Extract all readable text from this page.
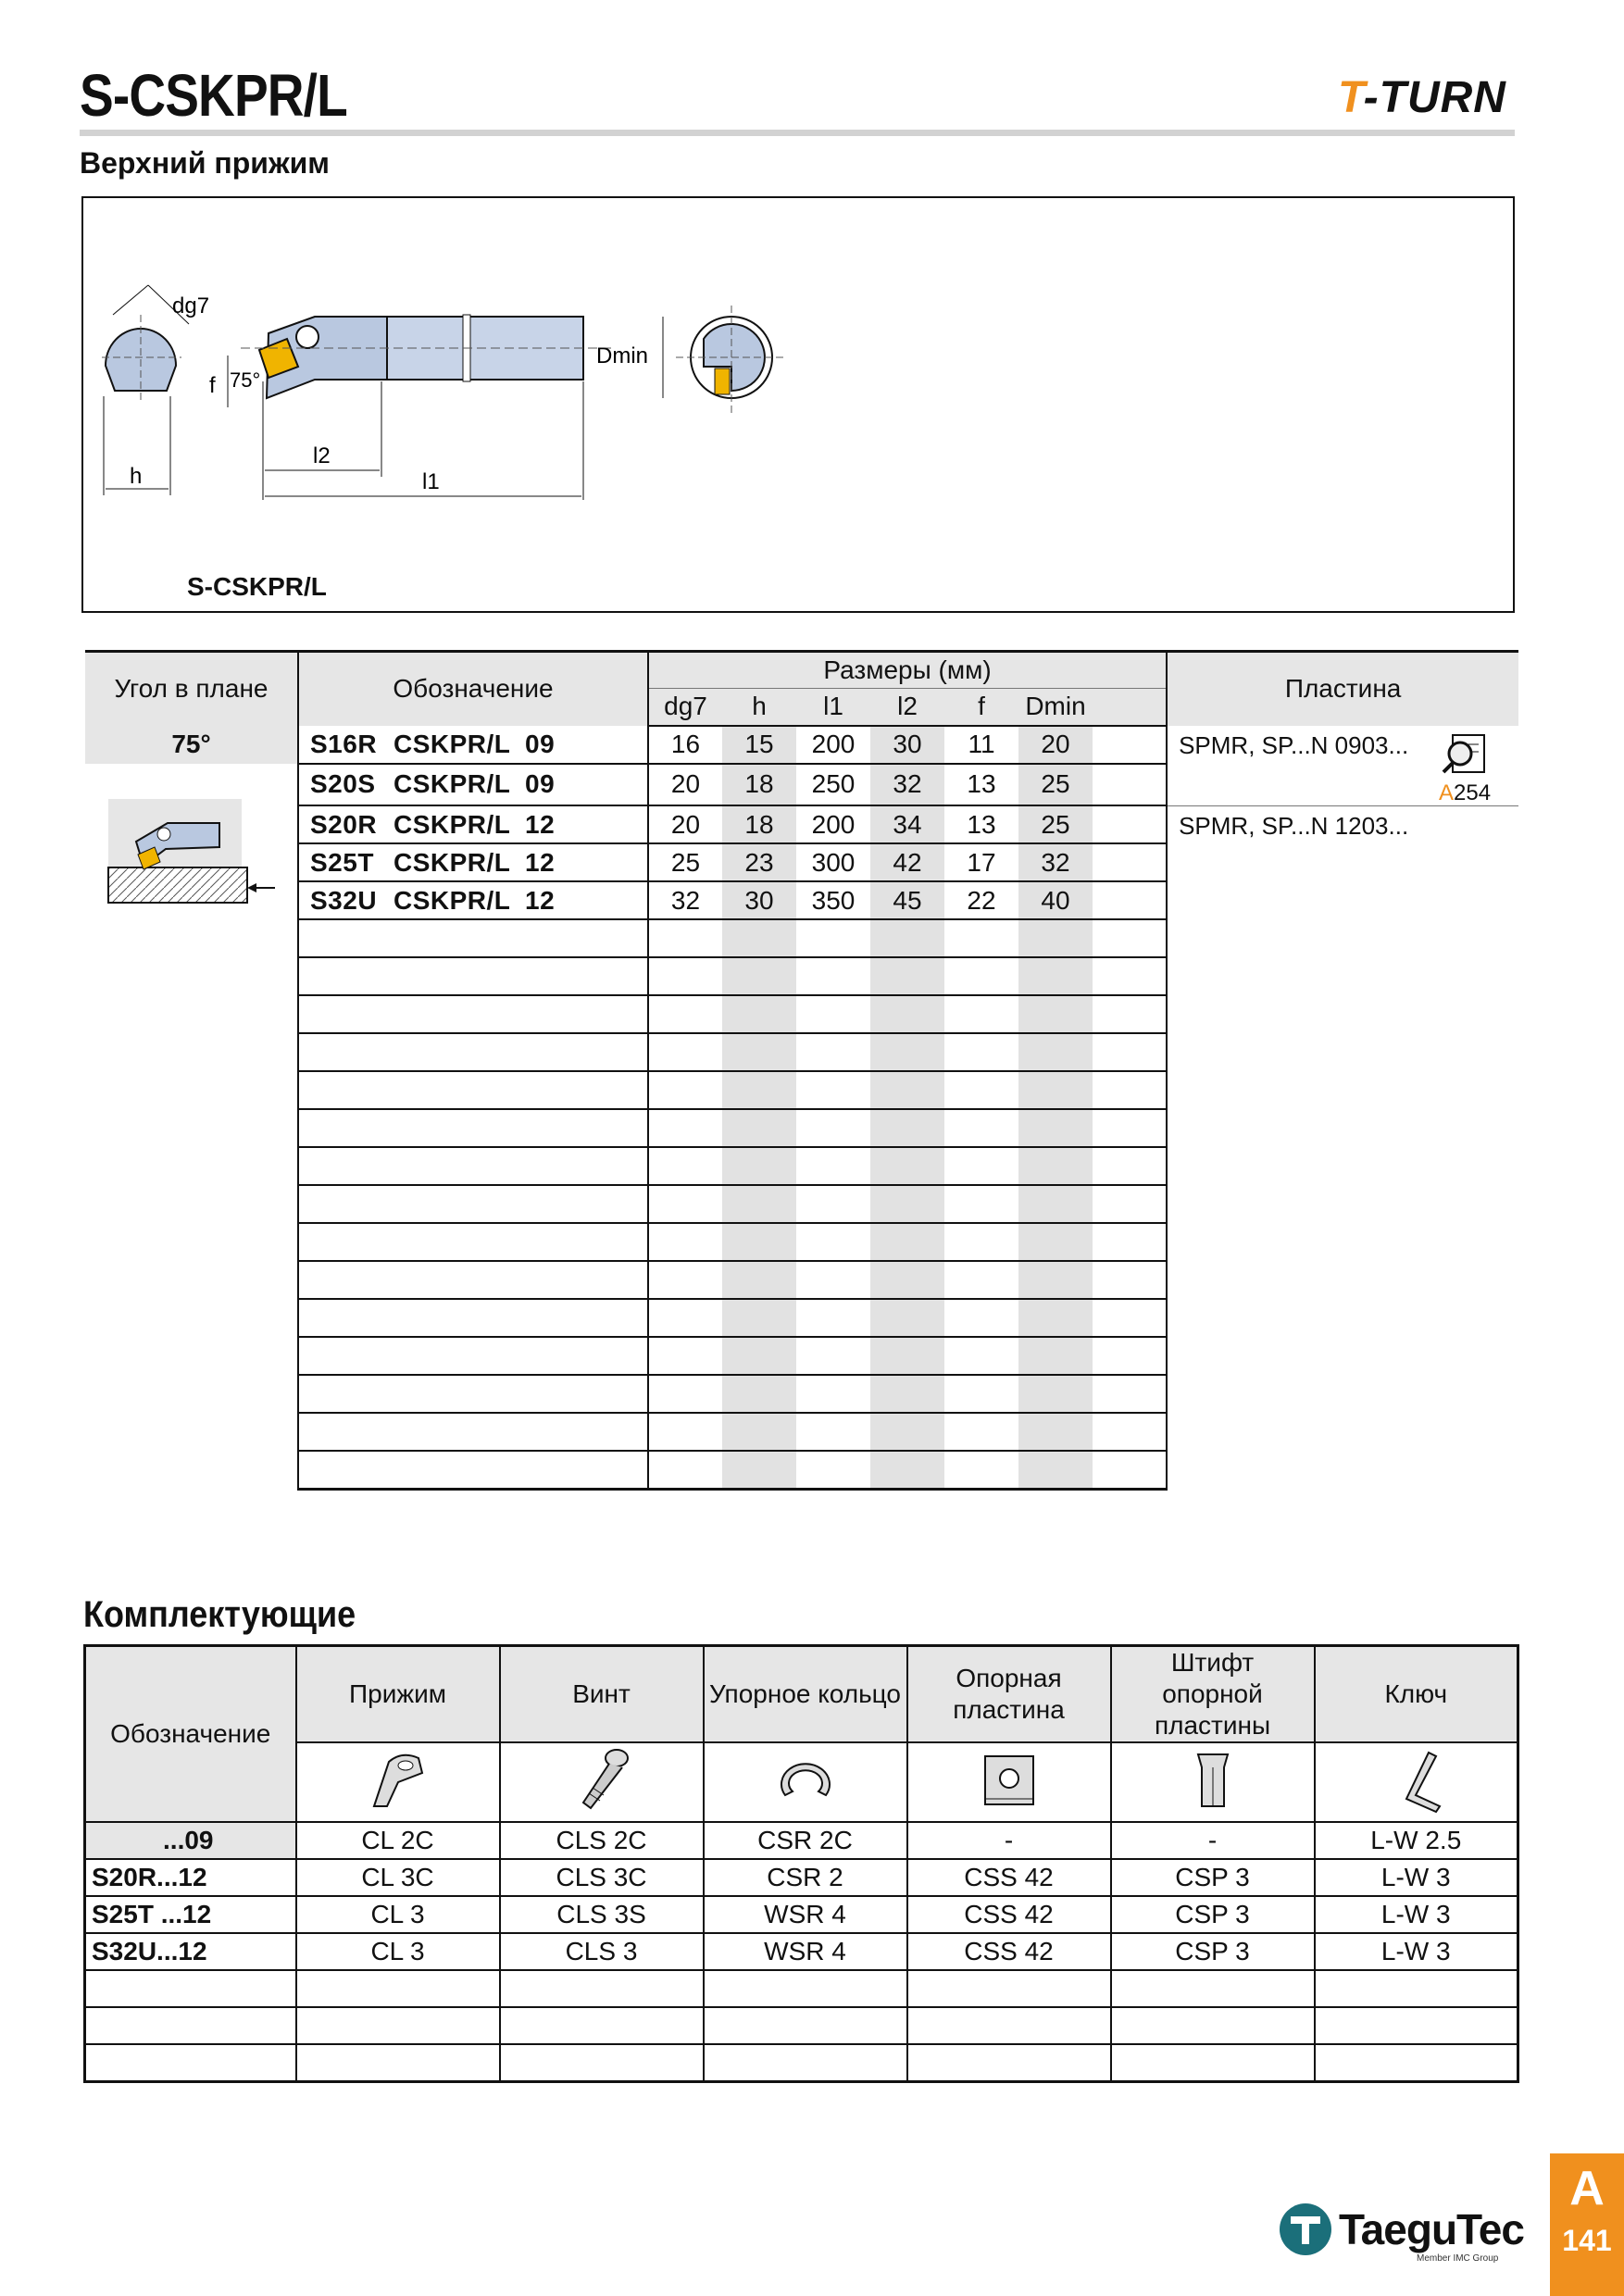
S-CSKPR/L	T-TURN
Верхний прижим
dg7
h
f 75°
l2
l1
Dmin
S-CSKPR/L
Угол в плане	Обозначение	Размеры (мм)							Пластина
		dg7	h	l1	l2	f	Dmin		
75°	S16R CSKPR/L 09	16	15	200	30	11	20		SPMR, SP...N 0903...

A254

	S20S CSKPR/L 09	20	18	250	32	13	25		
	S20R CSKPR/L 12	20	18	200	34	13	25		SPMR, SP...N 1203...

	S25T CSKPR/L 12	25	23	300	42	17	32		
	S32U CSKPR/L 12	32	30	350	45	22	40		

Комплектующие
Обозначение	Прижим	Винт	Упорное кольцо	Опорная пластина	Штифт опорной пластины	Ключ

...09	CL 2C	CLS 2C	CSR 2C	-	-	L-W 2.5
S20R...12	CL 3C	CLS 3C	CSR 2	CSS 42	CSP 3	L-W 3
S25T ...12	CL 3	CLS 3S	WSR 4	CSS 42	CSP 3	L-W 3
S32U...12	CL 3	CLS 3	WSR 4	CSS 42	CSP 3	L-W 3

TaeguTec
Member IMC Group
A
141
